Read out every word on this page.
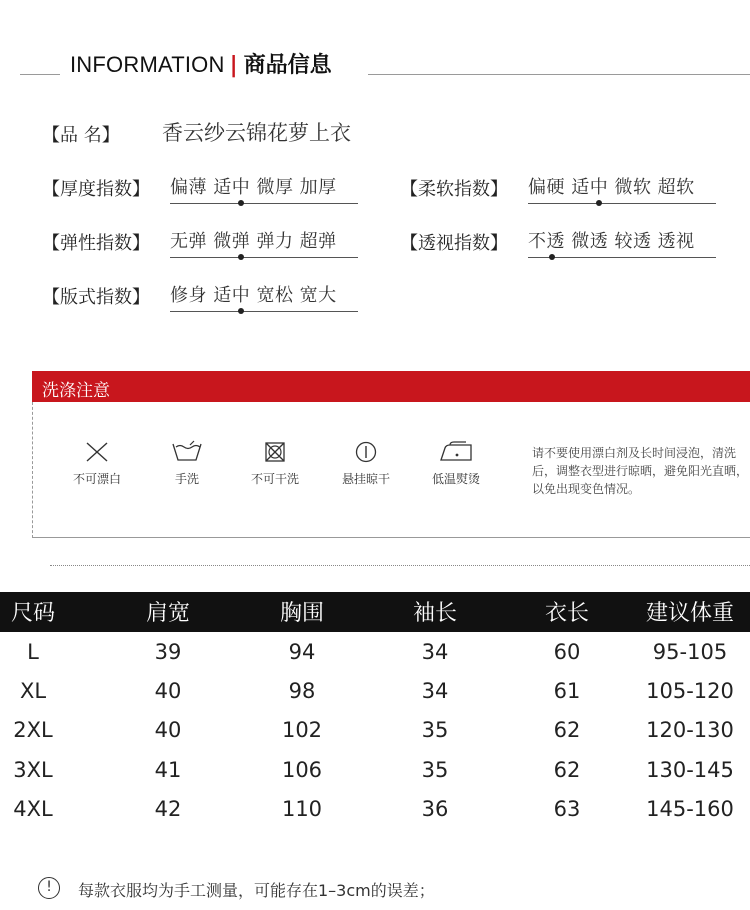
INFORMATION | 商品信息
【品 名】 香云纱云锦花萝上衣
【厚度指数】 偏薄 适中 微厚 加厚	【柔软指数】 偏硬 适中 微软 超软
【弹性指数】 无弹 微弹 弹力 超弹	【透视指数】 不透 微透 较透 透视
【版式指数】 修身 适中 宽松 宽大
洗涤注意
不可漂白	手洗	不可干洗	悬挂晾干	低温熨烫
请不要使用漂白剂及长时间浸泡，清洗后，调整衣型进行晾晒，避免阳光直晒，以免出现变色情况。
尺码	肩宽	胸围	袖长	衣长	建议体重
L	39	94	34	60	95-105
XL	40	98	34	61	105-120
2XL	40	102	35	62	120-130
3XL	41	106	35	62	130-145
4XL	42	110	36	63	145-160
!	每款衣服均为手工测量，可能存在1–3cm的误差；
